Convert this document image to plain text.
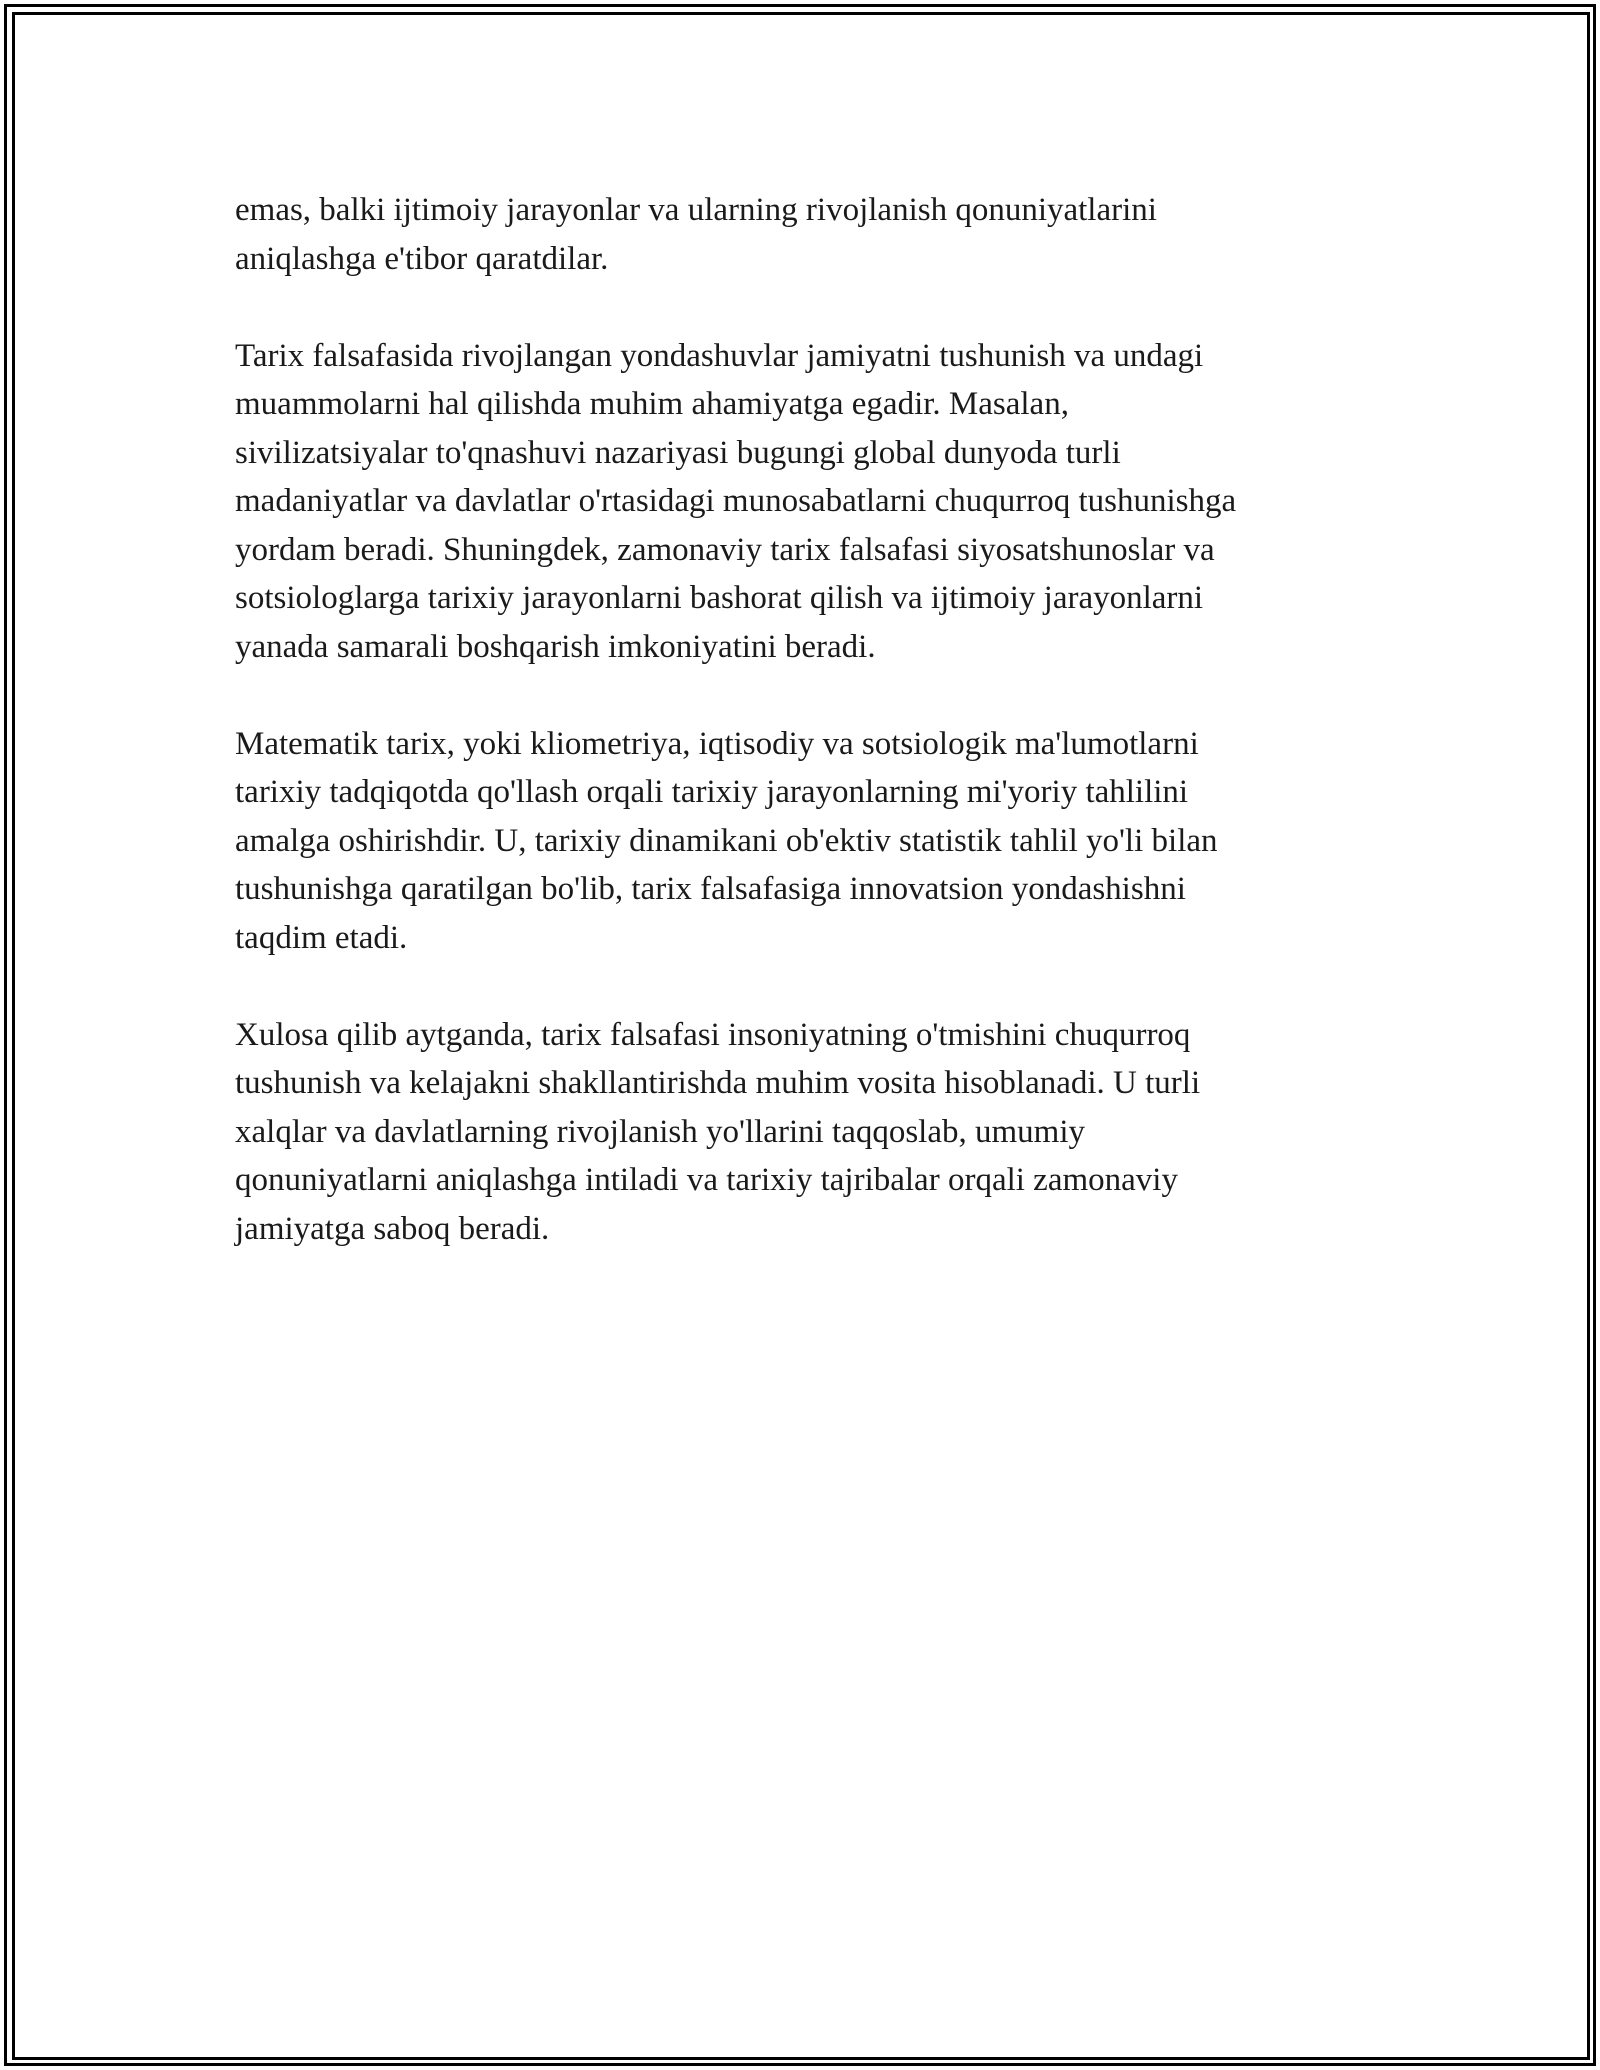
emas, balki ijtimoiy jarayonlar va ularning rivojlanish qonuniyatlarini
aniqlashga e'tibor qaratdilar.

Tarix falsafasida rivojlangan yondashuvlar jamiyatni tushunish va undagi
muammolarni hal qilishda muhim ahamiyatga egadir. Masalan,
sivilizatsiyalar to'qnashuvi nazariyasi bugungi global dunyoda turli
madaniyatlar va davlatlar o'rtasidagi munosabatlarni chuqurroq tushunishga
yordam beradi. Shuningdek, zamonaviy tarix falsafasi siyosatshunoslar va
sotsiologlarga tarixiy jarayonlarni bashorat qilish va ijtimoiy jarayonlarni
yanada samarali boshqarish imkoniyatini beradi.

Matematik tarix, yoki kliometriya, iqtisodiy va sotsiologik ma'lumotlarni
tarixiy tadqiqotda qo'llash orqali tarixiy jarayonlarning mi'yoriy tahlilini
amalga oshirishdir. U, tarixiy dinamikani ob'ektiv statistik tahlil yo'li bilan
tushunishga qaratilgan bo'lib, tarix falsafasiga innovatsion yondashishni
taqdim etadi.

Xulosa qilib aytganda, tarix falsafasi insoniyatning o'tmishini chuqurroq
tushunish va kelajakni shakllantirishda muhim vosita hisoblanadi. U turli
xalqlar va davlatlarning rivojlanish yo'llarini taqqoslab, umumiy
qonuniyatlarni aniqlashga intiladi va tarixiy tajribalar orqali zamonaviy
jamiyatga saboq beradi.
